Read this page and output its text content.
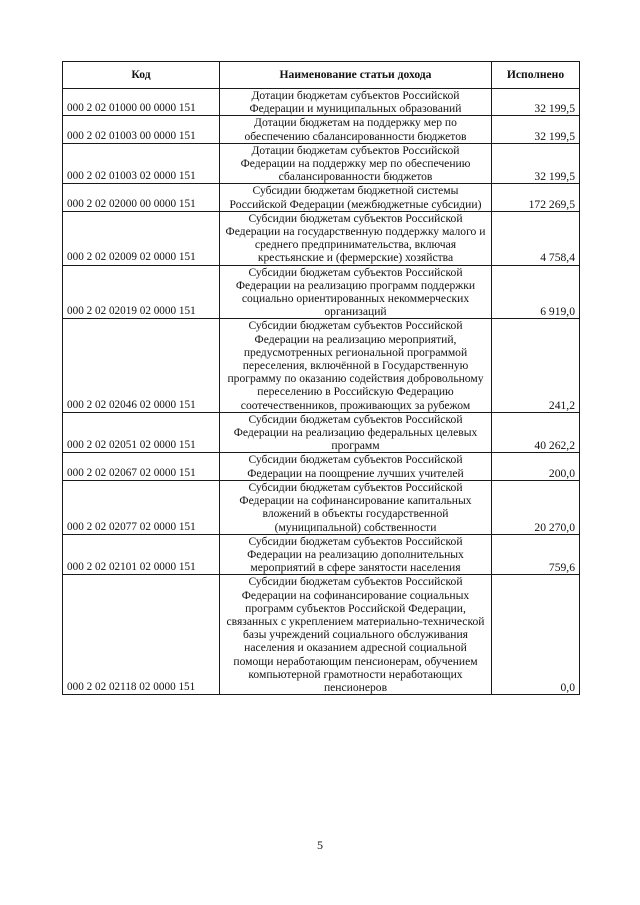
Код	Наименование статьи дохода	Исполнено
000 2 02 01000 00 0000 151	Дотации бюджетам субъектов Российской Федерации и муниципальных образований	32 199,5
000 2 02 01003 00 0000 151	Дотации бюджетам на поддержку мер по обеспечению сбалансированности бюджетов	32 199,5
000 2 02 01003 02 0000 151	Дотации бюджетам субъектов Российской Федерации на поддержку мер по обеспечению сбалансированности бюджетов	32 199,5
000 2 02 02000 00 0000 151	Субсидии бюджетам бюджетной системы Российской Федерации (межбюджетные субсидии)	172 269,5
000 2 02 02009 02 0000 151	Субсидии бюджетам субъектов Российской Федерации на государственную поддержку малого и среднего предпринимательства, включая крестьянские и (фермерские) хозяйства	4 758,4
000 2 02 02019 02 0000 151	Субсидии бюджетам субъектов Российской Федерации на реализацию программ поддержки социально ориентированных некоммерческих организаций	6 919,0
000 2 02 02046 02 0000 151	Субсидии бюджетам субъектов Российской Федерации на реализацию мероприятий, предусмотренных региональной программой переселения, включённой в Государственную программу по оказанию содействия добровольному переселению в Российскую Федерацию соотечественников, проживающих за рубежом	241,2
000 2 02 02051 02 0000 151	Субсидии бюджетам субъектов Российской Федерации на реализацию федеральных целевых программ	40 262,2
000 2 02 02067 02 0000 151	Субсидии бюджетам субъектов Российской Федерации на поощрение лучших учителей	200,0
000 2 02 02077 02 0000 151	Субсидии бюджетам субъектов Российской Федерации на софинансирование капитальных вложений в объекты государственной (муниципальной) собственности	20 270,0
000 2 02 02101 02 0000 151	Субсидии бюджетам субъектов Российской Федерации на реализацию дополнительных мероприятий в сфере занятости населения	759,6
000 2 02 02118 02 0000 151	Субсидии бюджетам субъектов Российской Федерации на софинансирование социальных программ субъектов Российской Федерации, связанных с укреплением материально-технической базы учреждений социального обслуживания населения и оказанием адресной социальной помощи неработающим пенсионерам, обучением компьютерной грамотности неработающих пенсионеров	0,0
5
